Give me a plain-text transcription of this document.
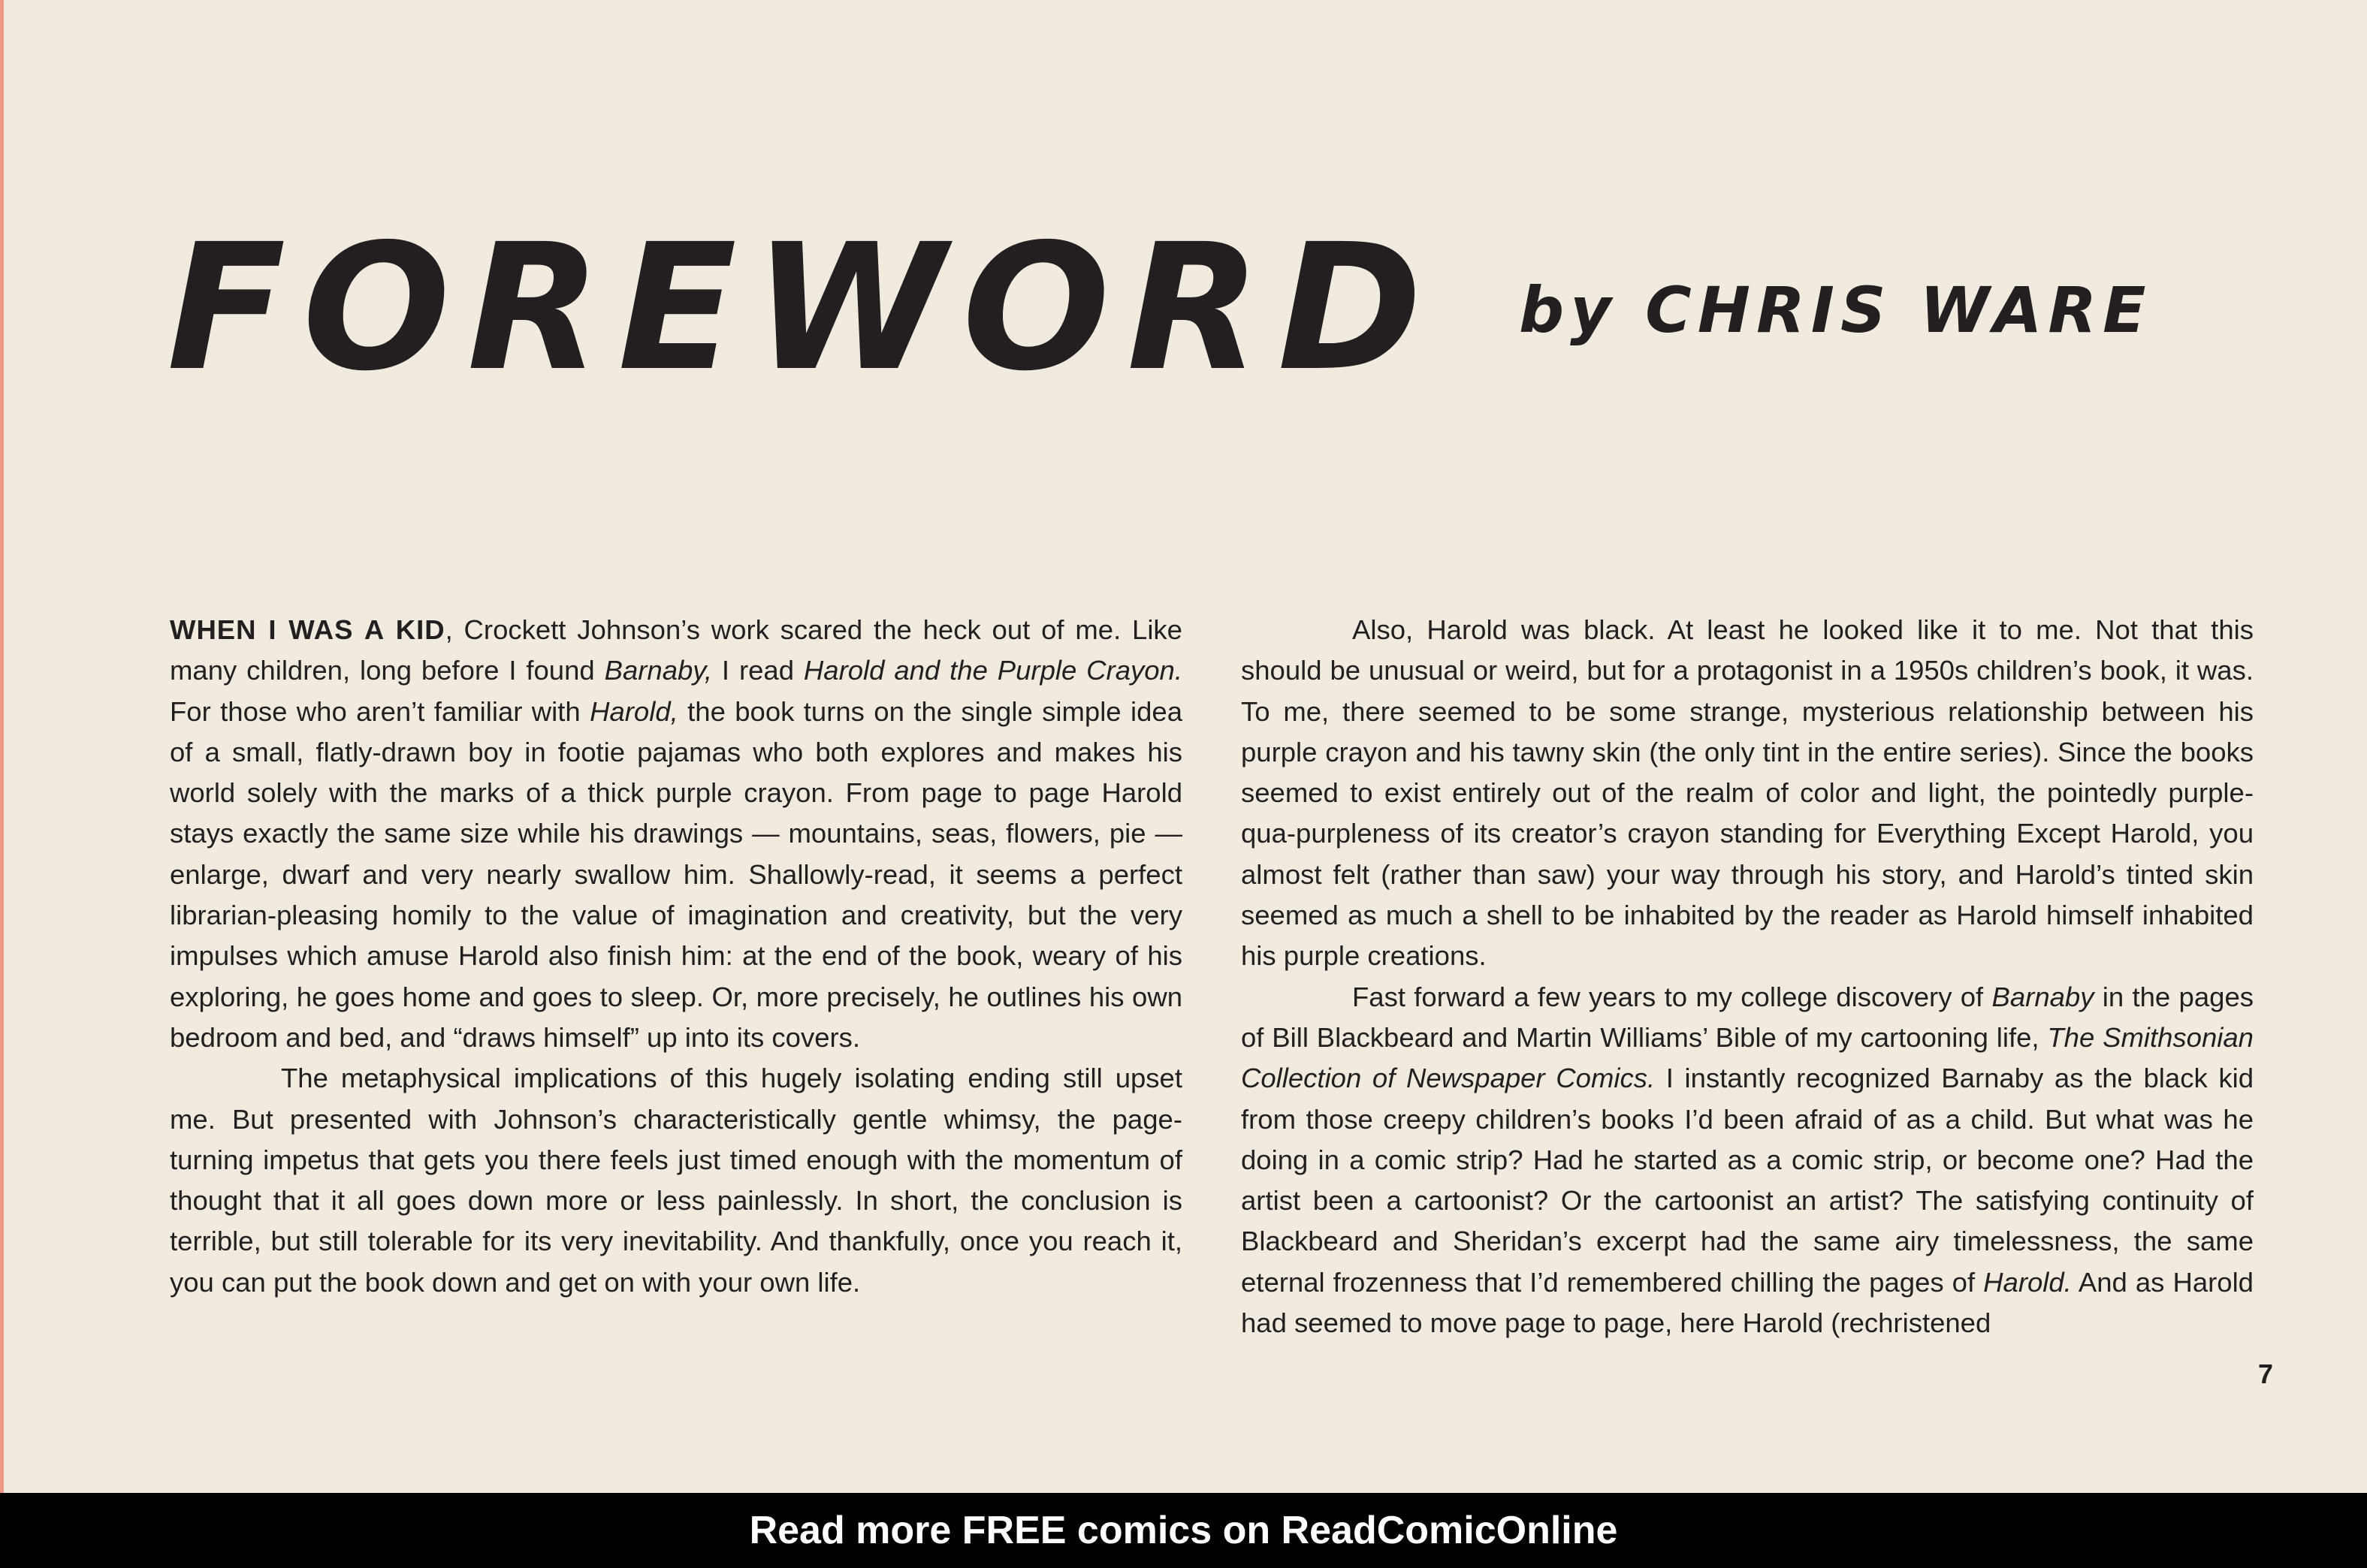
FOREWORD by CHRIS WARE

WHEN I WAS A KID, Crockett Johnson’s work scared the heck out of me. Like many children, long before I found Barnaby, I read Harold and the Purple Crayon. For those who aren’t familiar with Harold, the book turns on the single simple idea of a small, flatly-drawn boy in footie pajamas who both explores and makes his world solely with the marks of a thick purple crayon. From page to page Harold stays exactly the same size while his drawings — mountains, seas, flowers, pie — enlarge, dwarf and very nearly swallow him. Shallowly-read, it seems a perfect librarian-pleasing homily to the value of imagination and creativity, but the very impulses which amuse Harold also finish him: at the end of the book, weary of his exploring, he goes home and goes to sleep. Or, more precisely, he outlines his own bedroom and bed, and “draws himself” up into its covers.

The metaphysical implications of this hugely isolating ending still upset me. But presented with Johnson’s characteristically gentle whimsy, the page-turning impetus that gets you there feels just timed enough with the momentum of thought that it all goes down more or less painlessly. In short, the conclusion is terrible, but still tolerable for its very inevitability. And thankfully, once you reach it, you can put the book down and get on with your own life.

Also, Harold was black. At least he looked like it to me. Not that this should be unusual or weird, but for a protagonist in a 1950s children’s book, it was. To me, there seemed to be some strange, mysterious relationship between his purple crayon and his tawny skin (the only tint in the entire series). Since the books seemed to exist entirely out of the realm of color and light, the pointedly purple-qua-purpleness of its creator’s crayon standing for Everything Except Harold, you almost felt (rather than saw) your way through his story, and Harold’s tinted skin seemed as much a shell to be inhabited by the reader as Harold himself inhabited his purple creations.

Fast forward a few years to my college discovery of Barnaby in the pages of Bill Blackbeard and Martin Williams’ Bible of my cartooning life, The Smithsonian Collection of Newspaper Comics. I instantly recognized Barnaby as the black kid from those creepy children’s books I’d been afraid of as a child. But what was he doing in a comic strip? Had he started as a comic strip, or become one? Had the artist been a cartoonist? Or the cartoonist an artist? The satisfying continuity of Blackbeard and Sheridan’s excerpt had the same airy timelessness, the same eternal frozenness that I’d remembered chilling the pages of Harold. And as Harold had seemed to move page to page, here Harold (rechristened

7
Read more FREE comics on ReadComicOnline
